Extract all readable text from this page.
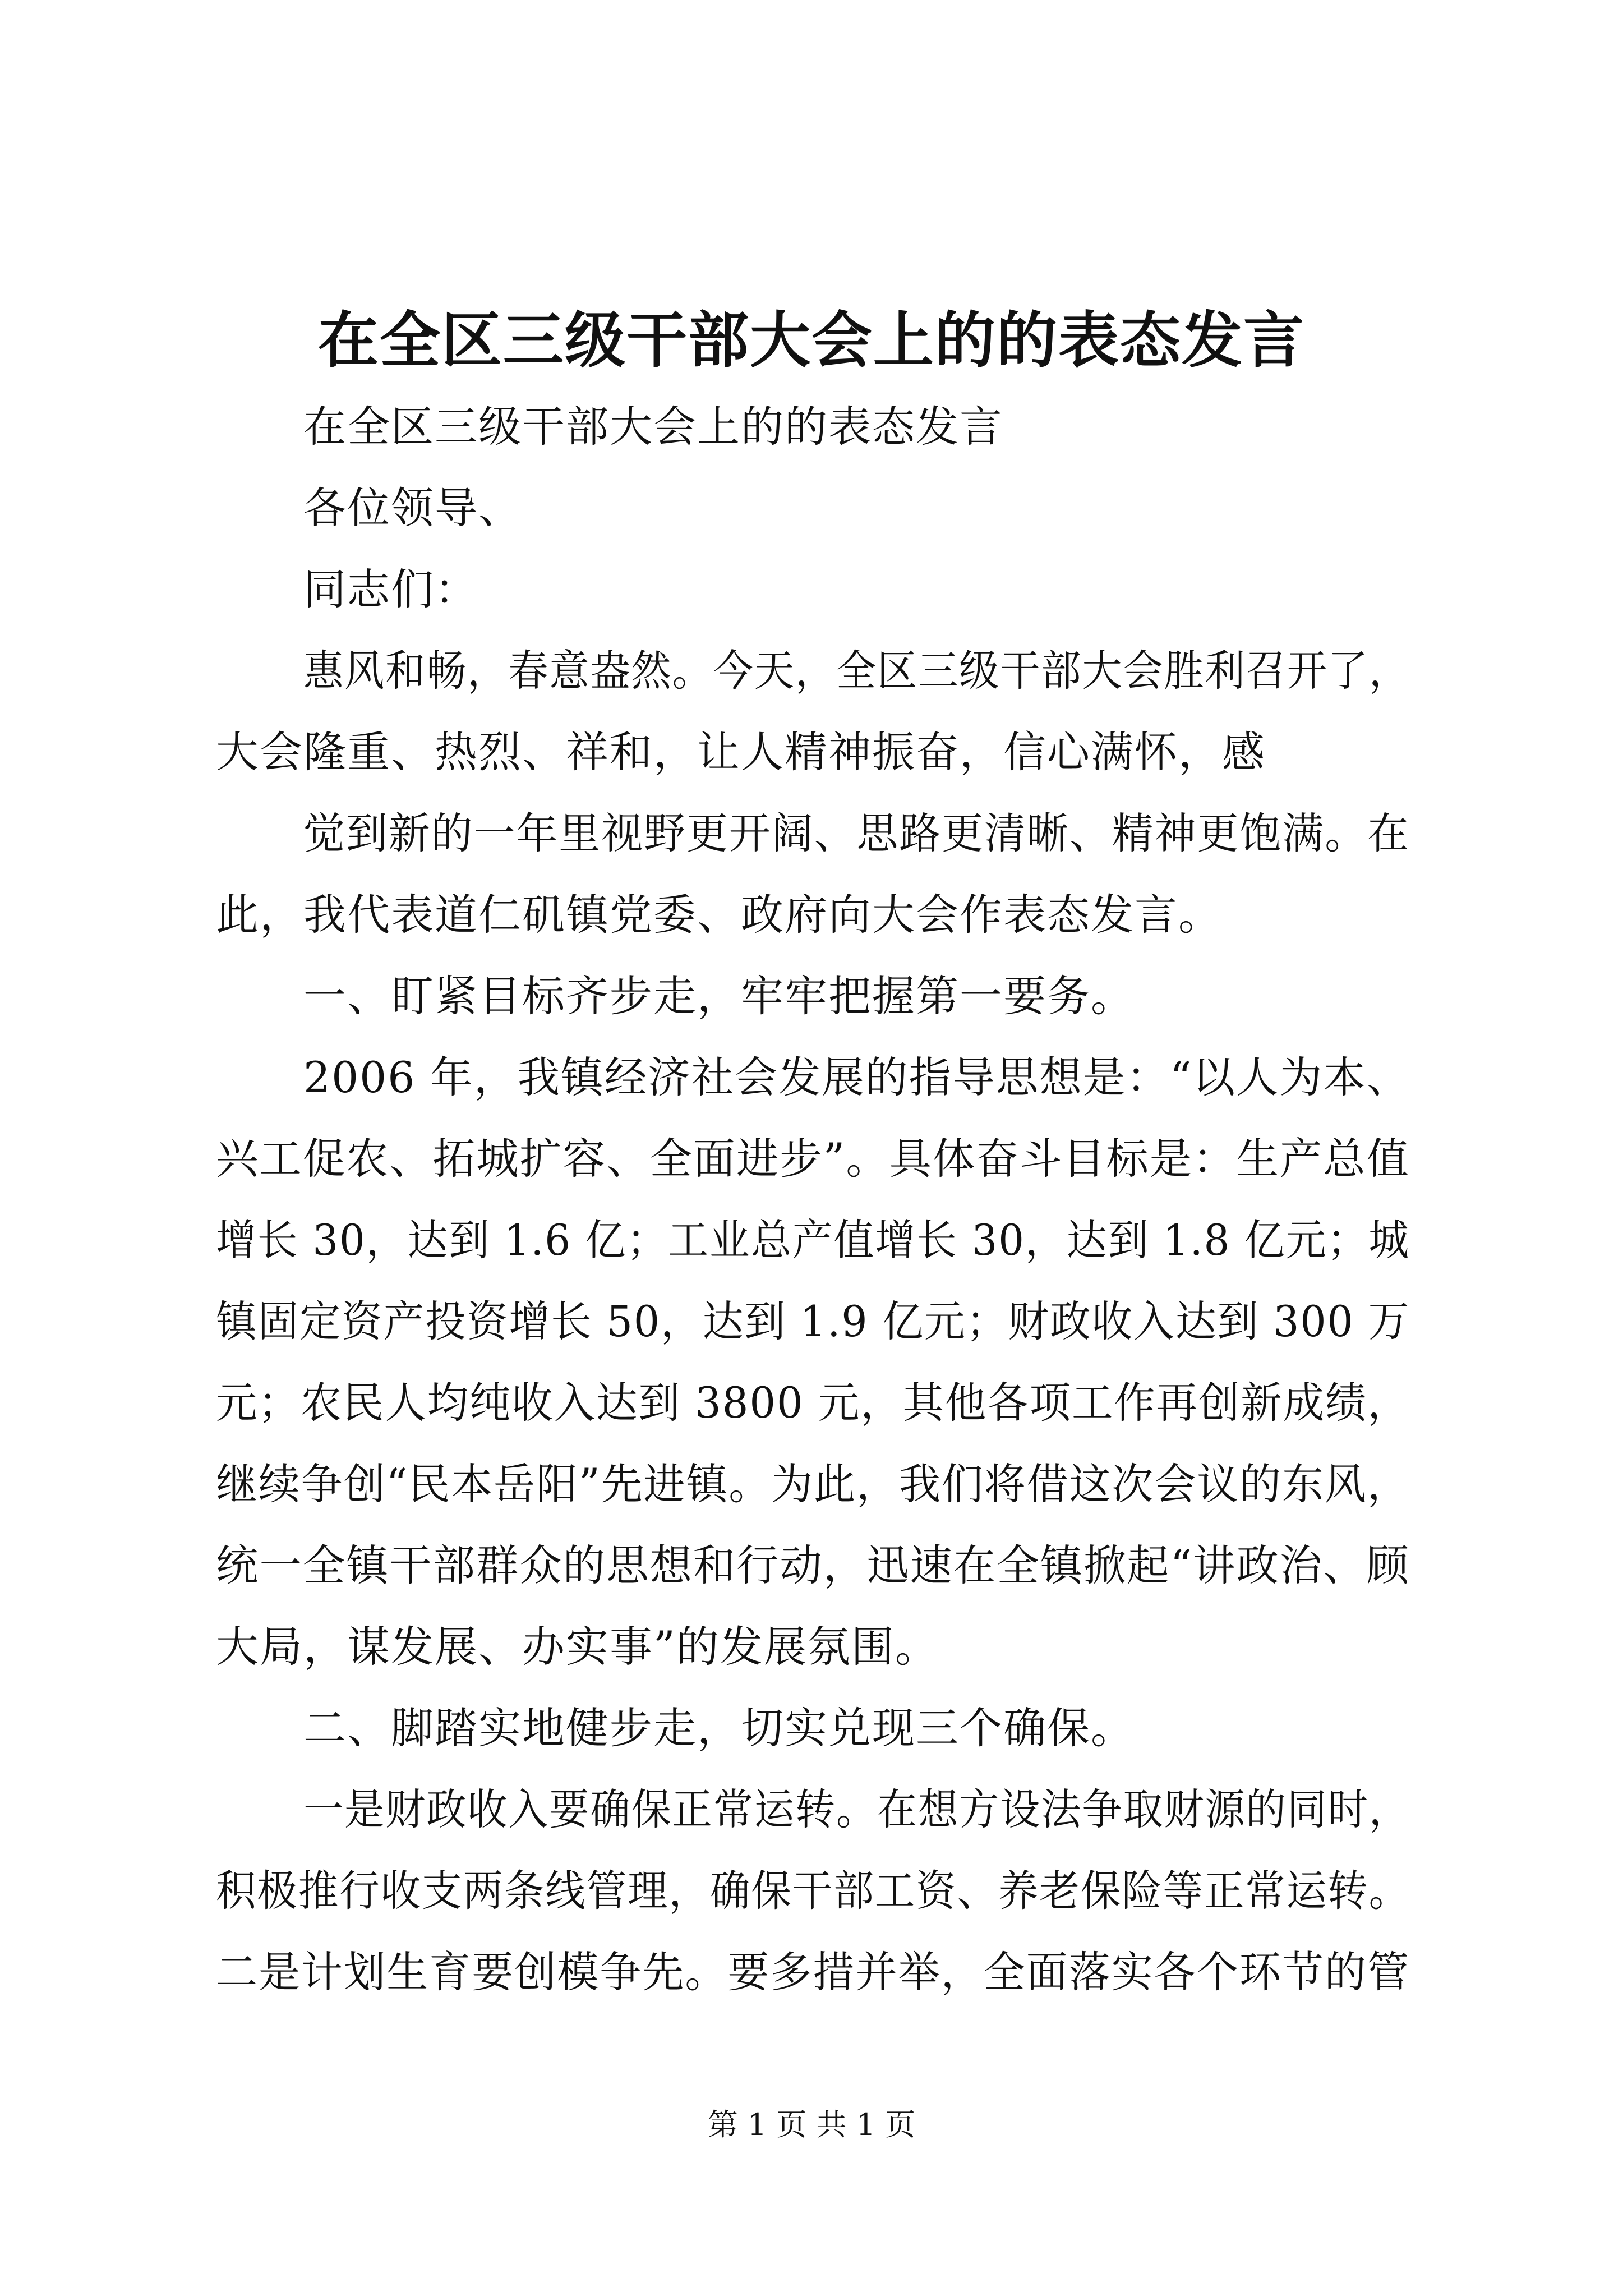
在全区三级干部大会上的的表态发言
在全区三级干部大会上的的表态发言
各位领导、
同志们：
惠风和畅，春意盎然。今天，全区三级干部大会胜利召开了，
大会隆重、热烈、祥和，让人精神振奋，信心满怀，感
觉到新的一年里视野更开阔、思路更清晰、精神更饱满。在
此，我代表道仁矶镇党委、政府向大会作表态发言。
一、盯紧目标齐步走，牢牢把握第一要务。
2006 年，我镇经济社会发展的指导思想是：“以人为本、
兴工促农、拓城扩容、全面进步”。具体奋斗目标是：生产总值
增长 30，达到 1.6 亿；工业总产值增长 30，达到 1.8 亿元；城
镇固定资产投资增长 50，达到 1.9 亿元；财政收入达到 300 万
元；农民人均纯收入达到 3800 元，其他各项工作再创新成绩，
继续争创“民本岳阳”先进镇。为此，我们将借这次会议的东风，
统一全镇干部群众的思想和行动，迅速在全镇掀起“讲政治、顾
大局，谋发展、办实事”的发展氛围。
二、脚踏实地健步走，切实兑现三个确保。
一是财政收入要确保正常运转。在想方设法争取财源的同时，
积极推行收支两条线管理，确保干部工资、养老保险等正常运转。
二是计划生育要创模争先。要多措并举，全面落实各个环节的管
第 1 页 共 1 页
